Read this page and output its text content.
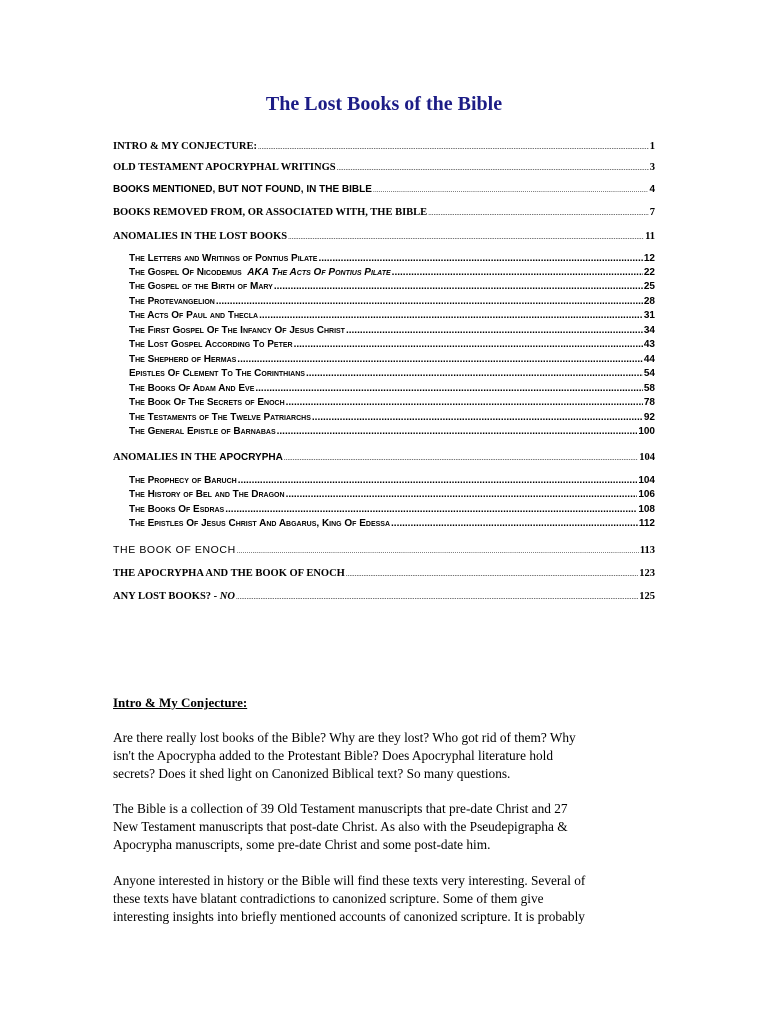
The Lost Books of the Bible
INTRO & MY CONJECTURE: .....	1
OLD TESTAMENT APOCRYPHAL WRITINGS .....	3
BOOKS MENTIONED, BUT NOT FOUND, IN THE BIBLE .....	4
BOOKS REMOVED FROM, OR ASSOCIATED WITH, THE BIBLE .....	7
ANOMALIES IN THE LOST BOOKS .....	11
The Letters and Writings of Pontius Pilate .....	12
The Gospel Of Nicodemus AKA The Acts Of Pontius Pilate .....	22
The Gospel of the Birth of Mary .....	25
The Protevangelion .....	28
The Acts Of Paul and Thecla .....	31
The First Gospel Of The Infancy Of Jesus Christ .....	34
The Lost Gospel According To Peter .....	43
The Shepherd of Hermas .....	44
Epistles Of Clement To The Corinthians .....	54
The Books Of Adam And Eve .....	58
The Book Of The Secrets of Enoch .....	78
The Testaments of The Twelve Patriarchs .....	92
The General Epistle of Barnabas .....	100
ANOMALIES IN THE APOCRYPHA .....	104
The Prophecy of Baruch .....	104
The History of Bel and The Dragon .....	106
The Books Of Esdras .....	108
The Epistles Of Jesus Christ And Abgarus, King Of Edessa .....	112
THE BOOK OF ENOCH .....	113
THE APOCRYPHA AND THE BOOK OF ENOCH .....	123
ANY LOST BOOKS? - NO .....	125
Intro & My Conjecture:
Are there really lost books of the Bible? Why are they lost? Who got rid of them? Why
isn't the Apocrypha added to the Protestant Bible? Does Apocryphal literature hold
secrets? Does it shed light on Canonized Biblical text? So many questions.
The Bible is a collection of 39 Old Testament manuscripts that pre-date Christ and 27
New Testament manuscripts that post-date Christ. As also with the Pseudepigrapha &
Apocrypha manuscripts, some pre-date Christ and some post-date him.
Anyone interested in history or the Bible will find these texts very interesting. Several of
these texts have blatant contradictions to canonized scripture. Some of them give
interesting insights into briefly mentioned accounts of canonized scripture. It is probably
